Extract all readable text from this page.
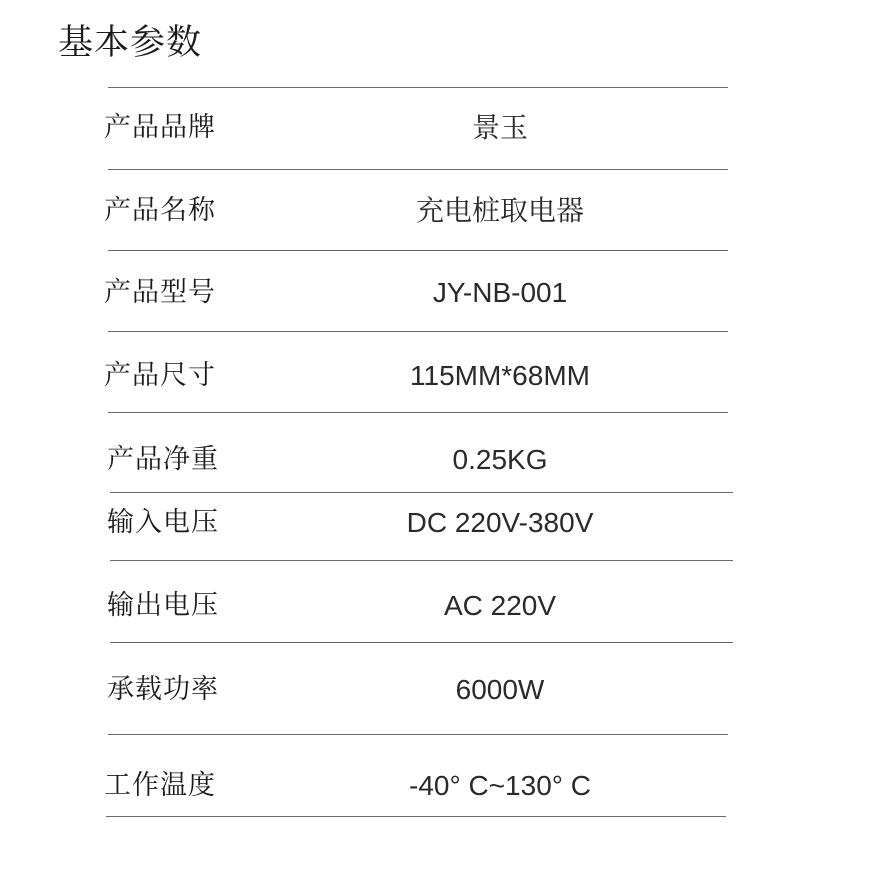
基本参数
产品品牌	景玉
产品名称	充电桩取电器
产品型号	JY-NB-001
产品尺寸	115MM*68MM
产品净重	0.25KG
输入电压	DC 220V-380V
输出电压	AC 220V
承载功率	6000W
工作温度	-40° C~130° C
